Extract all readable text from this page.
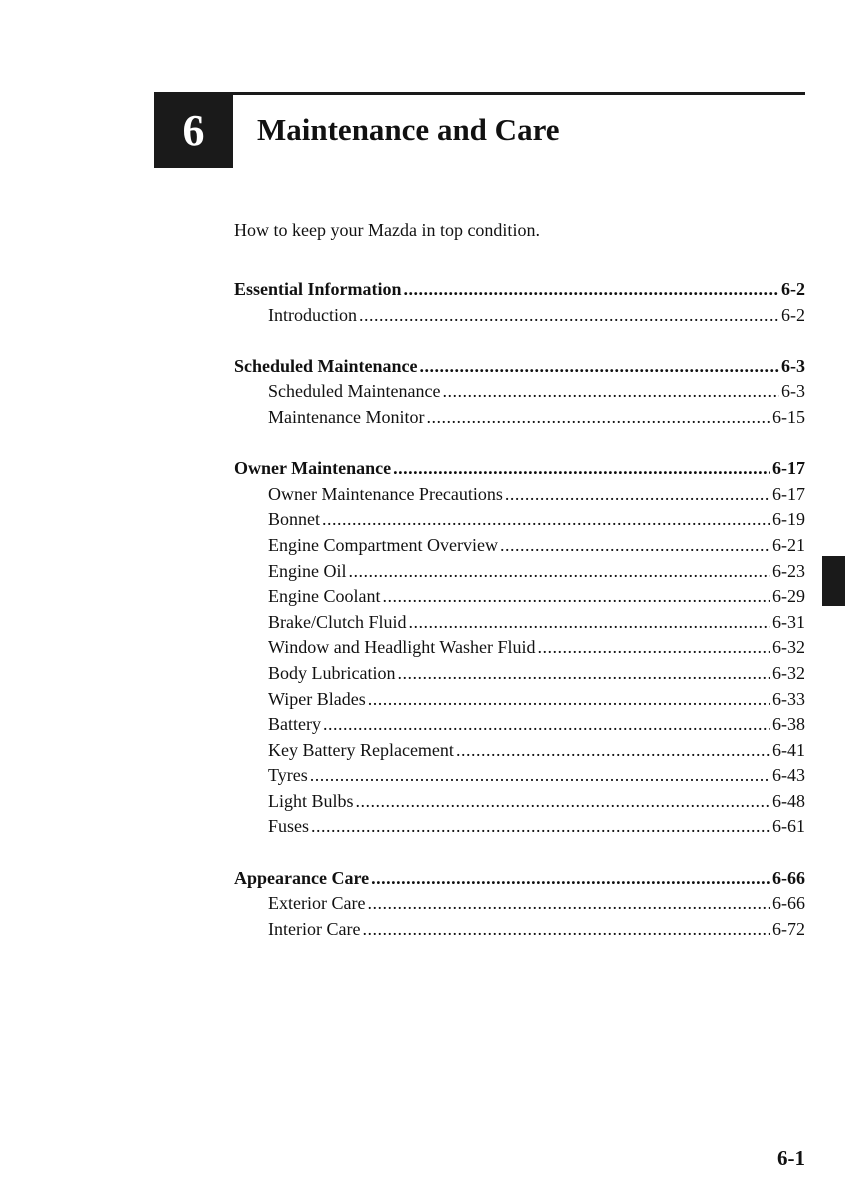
6 Maintenance and Care
How to keep your Mazda in top condition.
Essential Information .....	6-2
Introduction .....	6-2
Scheduled Maintenance .....	6-3
Scheduled Maintenance .....	6-3
Maintenance Monitor .....	6-15
Owner Maintenance .....	6-17
Owner Maintenance Precautions .....	6-17
Bonnet .....	6-19
Engine Compartment Overview .....	6-21
Engine Oil .....	6-23
Engine Coolant .....	6-29
Brake/Clutch Fluid .....	6-31
Window and Headlight Washer Fluid .....	6-32
Body Lubrication .....	6-32
Wiper Blades .....	6-33
Battery .....	6-38
Key Battery Replacement .....	6-41
Tyres .....	6-43
Light Bulbs .....	6-48
Fuses .....	6-61
Appearance Care .....	6-66
Exterior Care .....	6-66
Interior Care .....	6-72
6-1
